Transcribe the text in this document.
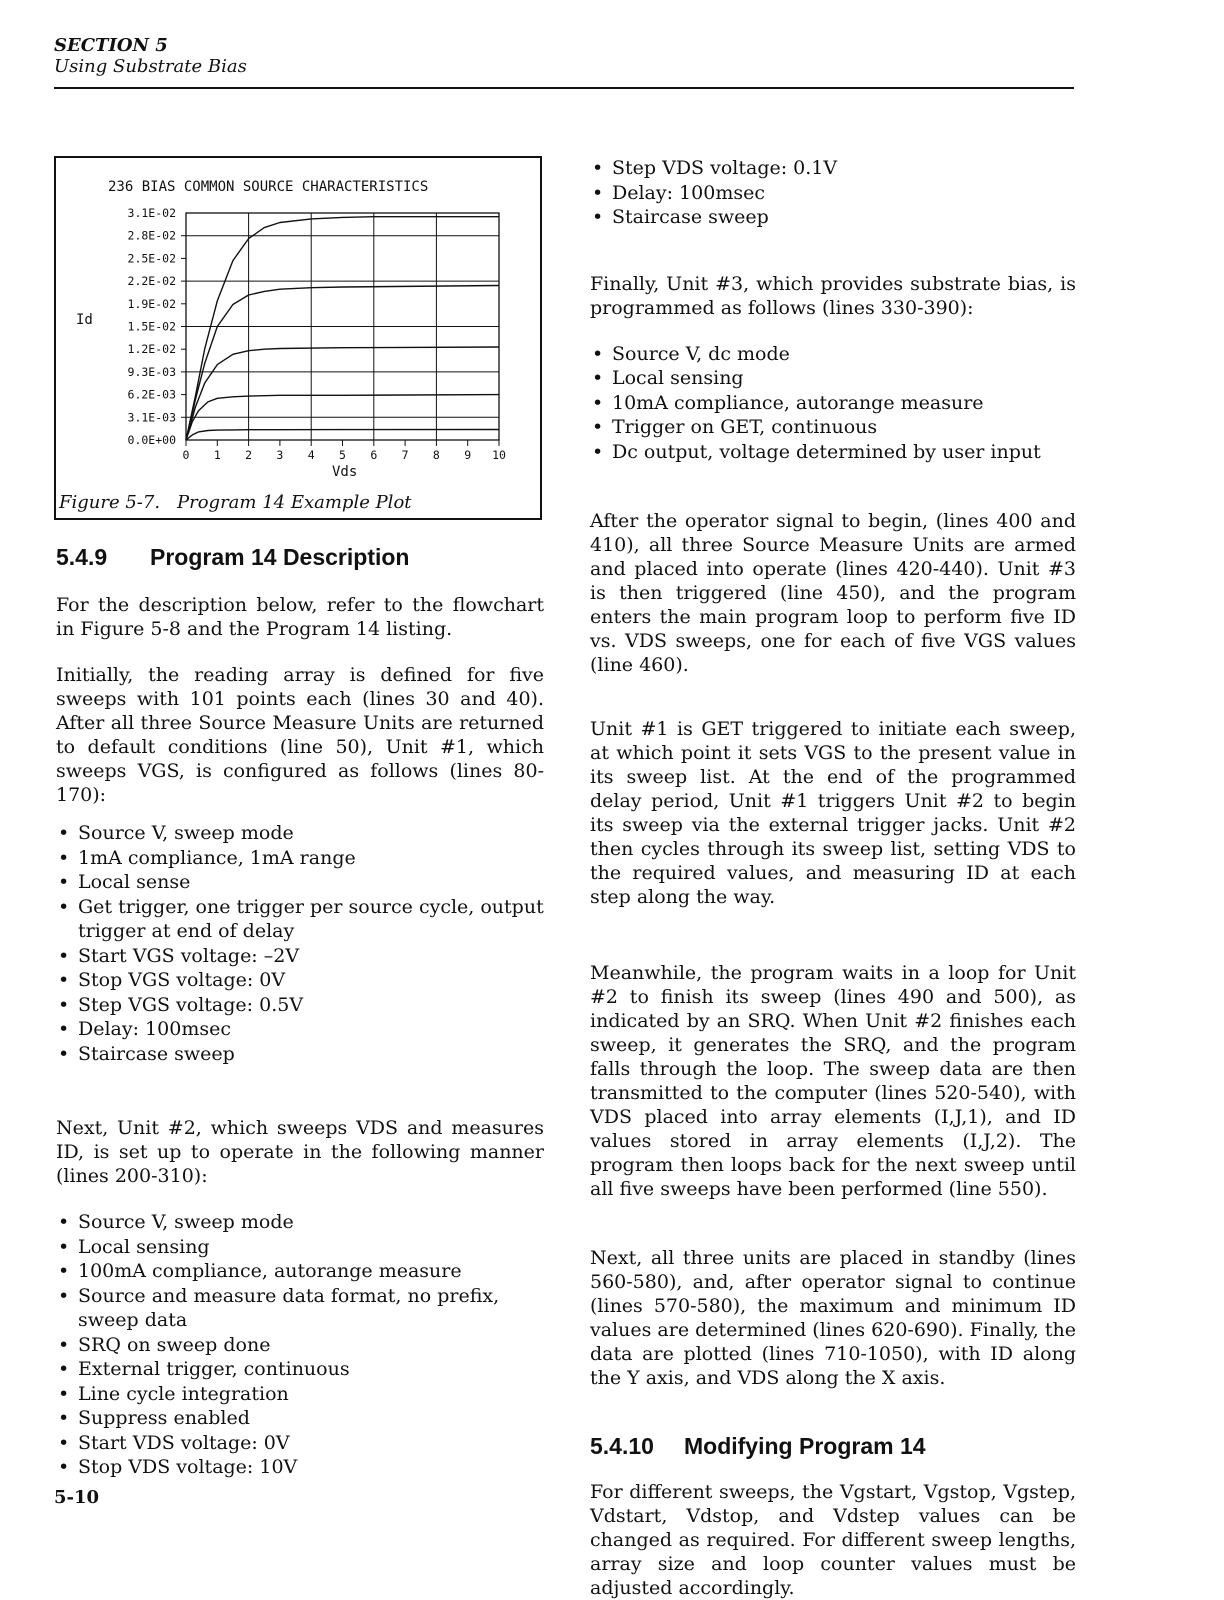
SECTION 5
Using Substrate Bias
236 BIAS COMMON SOURCE CHARACTERISTICS
Id
Vds
3.1E-02
2.8E-02
2.5E-02
2.2E-02
1.9E-02
1.5E-02
1.2E-02
9.3E-03
6.2E-03
3.1E-03
0.0E+00
0 1 2 3 4 5 6 7 8 9 10
Figure 5-7. Program 14 Example Plot
5.4.9 Program 14 Description

For the description below, refer to the flowchart in Figure 5-8 and the Program 14 listing.

Initially, the reading array is defined for five sweeps with 101 points each (lines 30 and 40). After all three Source Measure Units are returned to default conditions (line 50), Unit #1, which sweeps VGS, is configured as follows (lines 80-170):

• Source V, sweep mode
• 1mA compliance, 1mA range
• Local sense
• Get trigger, one trigger per source cycle, output trigger at end of delay
• Start VGS voltage: –2V
• Stop VGS voltage: 0V
• Step VGS voltage: 0.5V
• Delay: 100msec
• Staircase sweep

Next, Unit #2, which sweeps VDS and measures ID, is set up to operate in the following manner (lines 200-310):

• Source V, sweep mode
• Local sensing
• 100mA compliance, autorange measure
• Source and measure data format, no prefix, sweep data
• SRQ on sweep done
• External trigger, continuous
• Line cycle integration
• Suppress enabled
• Start VDS voltage: 0V
• Stop VDS voltage: 10V
• Step VDS voltage: 0.1V
• Delay: 100msec
• Staircase sweep

Finally, Unit #3, which provides substrate bias, is programmed as follows (lines 330-390):

• Source V, dc mode
• Local sensing
• 10mA compliance, autorange measure
• Trigger on GET, continuous
• Dc output, voltage determined by user input

After the operator signal to begin, (lines 400 and 410), all three Source Measure Units are armed and placed into operate (lines 420-440). Unit #3 is then triggered (line 450), and the program enters the main program loop to perform five ID vs. VDS sweeps, one for each of five VGS values (line 460).

Unit #1 is GET triggered to initiate each sweep, at which point it sets VGS to the present value in its sweep list. At the end of the programmed delay period, Unit #1 triggers Unit #2 to begin its sweep via the external trigger jacks. Unit #2 then cycles through its sweep list, setting VDS to the required values, and measuring ID at each step along the way.

Meanwhile, the program waits in a loop for Unit #2 to finish its sweep (lines 490 and 500), as indicated by an SRQ. When Unit #2 finishes each sweep, it generates the SRQ, and the program falls through the loop. The sweep data are then transmitted to the computer (lines 520-540), with VDS placed into array elements (I,J,1), and ID values stored in array elements (I,J,2). The program then loops back for the next sweep until all five sweeps have been performed (line 550).

Next, all three units are placed in standby (lines 560-580), and, after operator signal to continue (lines 570-580), the maximum and minimum ID values are determined (lines 620-690). Finally, the data are plotted (lines 710-1050), with ID along the Y axis, and VDS along the X axis.

5.4.10 Modifying Program 14

For different sweeps, the Vgstart, Vgstop, Vgstep, Vdstart, Vdstop, and Vdstep values can be changed as required. For different sweep lengths, array size and loop counter values must be adjusted accordingly.

5-10
